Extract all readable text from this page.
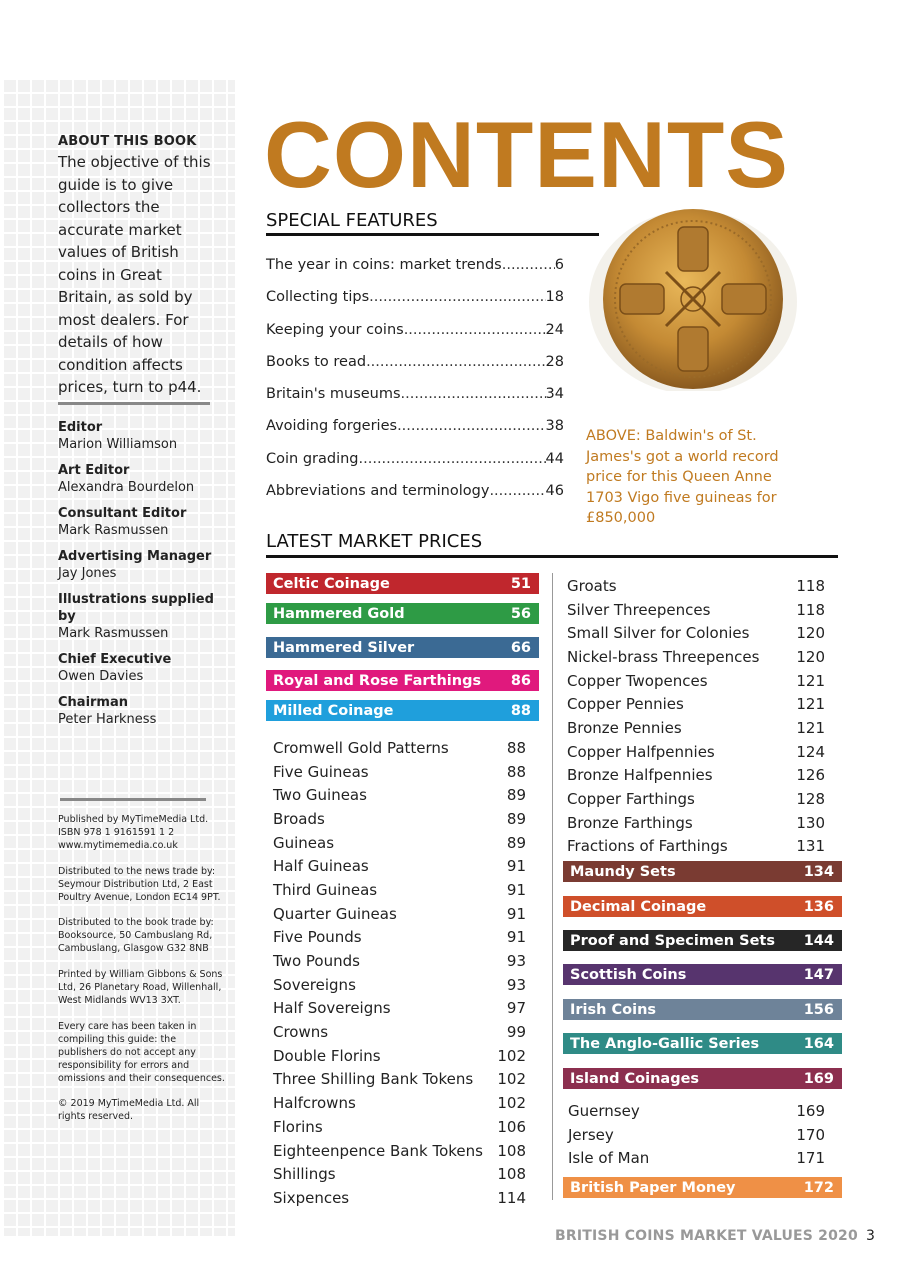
ABOUT THIS BOOK

The objective of this guide is to give collectors the accurate market values of British coins in Great Britain, as sold by most dealers. For details of how condition affects prices, turn to p44.

Editor
Marion Williamson
Art Editor
Alexandra Bourdelon
Consultant Editor
Mark Rasmussen
Advertising Manager
Jay Jones
Illustrations supplied by
Mark Rasmussen
Chief Executive
Owen Davies
Chairman
Peter Harkness

Published by MyTimeMedia Ltd. ISBN 978 1 9161591 1 2 www.mytimemedia.co.uk

Distributed to the news trade by: Seymour Distribution Ltd, 2 East Poultry Avenue, London EC14 9PT.

Distributed to the book trade by: Booksource, 50 Cambuslang Rd, Cambuslang, Glasgow G32 8NB

Printed by William Gibbons & Sons Ltd, 26 Planetary Road, Willenhall, West Midlands WV13 3XT.

Every care has been taken in compiling this guide: the publishers do not accept any responsibility for errors and omissions and their consequences.

© 2019 MyTimeMedia Ltd. All rights reserved.

CONTENTS
SPECIAL FEATURES
The year in coins: market trends .....	6
Collecting tips .....	18
Keeping your coins .....	24
Books to read .....	28
Britain's museums .....	34
Avoiding forgeries .....	38
Coin grading .....	44
Abbreviations and terminology .....	46
ABOVE: Baldwin's of St. James's got a world record price for this Queen Anne 1703 Vigo five guineas for £850,000
LATEST MARKET PRICES
Celtic Coinage	51
Hammered Gold	56
Hammered Silver	66
Royal and Rose Farthings 86
Milled Coinage	88
Cromwell Gold Patterns	88
Five Guineas	88
Two Guineas	89
Broads	89
Guineas	89
Half Guineas	91
Third Guineas	91
Quarter Guineas	91
Five Pounds	91
Two Pounds	93
Sovereigns	93
Half Sovereigns	97
Crowns	99
Double Florins	102
Three Shilling Bank Tokens 102
Halfcrowns	102
Florins	106
Eighteenpence Bank Tokens 108
Shillings	108
Sixpences	114
Groats	118
Silver Threepences	118
Small Silver for Colonies	120
Nickel-brass Threepences 120
Copper Twopences	121
Copper Pennies	121
Bronze Pennies	121
Copper Halfpennies	124
Bronze Halfpennies	126
Copper Farthings	128
Bronze Farthings	130
Fractions of Farthings	131
Maundy Sets	134
Decimal Coinage	136
Proof and Specimen Sets 144
Scottish Coins	147
Irish Coins	156
The Anglo-Gallic Series	164
Island Coinages	169
Guernsey	169
Jersey	170
Isle of Man	171
British Paper Money	172
BRITISH COINS MARKET VALUES 2020 3
